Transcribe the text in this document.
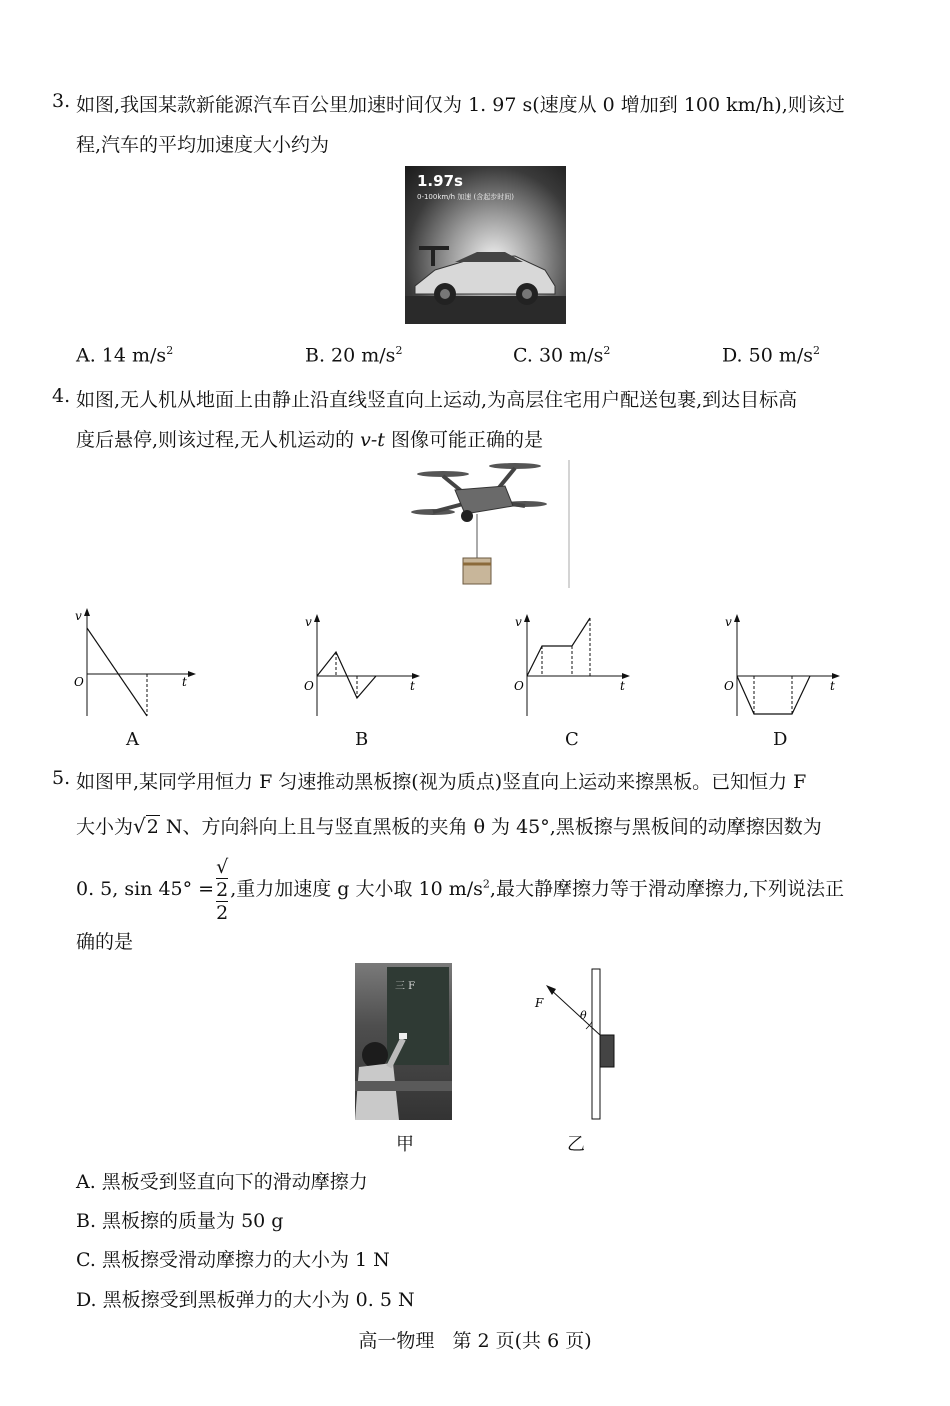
3. 如图,我国某款新能源汽车百公里加速时间仅为 1. 97 s(速度从 0 增加到 100 km/h),则该过
程,汽车的平均加速度大小约为
1.97s
0-100km/h 加速 (含起步时间)
A. 14 $m/s^2$	B. 20 $m/s^2$	C. 30 $m/s^2$	D. 50 $m/s^2$
4. 如图,无人机从地面上由静止沿直线竖直向上运动,为高层住宅用户配送包裹,到达目标高
度后悬停,则该过程,无人机运动的 v-t 图像可能正确的是
v
O	t
A
v
O	t
B
v
O	t
C
v
O	t
D
5. 如图甲,某同学用恒力 F 匀速推动黑板擦(视为质点)竖直向上运动来擦黑板。已知恒力 F
大小为√2 N、方向斜向上且与竖直黑板的夹角 θ 为 45°,黑板擦与黑板间的动摩擦因数为
0. 5, sin 45° = √
2
2 ,重力加速度 g 大小取 10 $m/s^2$,最大静摩擦力等于滑动摩擦力,下列说法正
确的是
三 F
甲
F
θ
乙
A. 黑板受到竖直向下的滑动摩擦力
B. 黑板擦的质量为 50 g
C. 黑板擦受滑动摩擦力的大小为 1 N
D. 黑板擦受到黑板弹力的大小为 0. 5 N
高一物理   第 2 页(共 6 页)
